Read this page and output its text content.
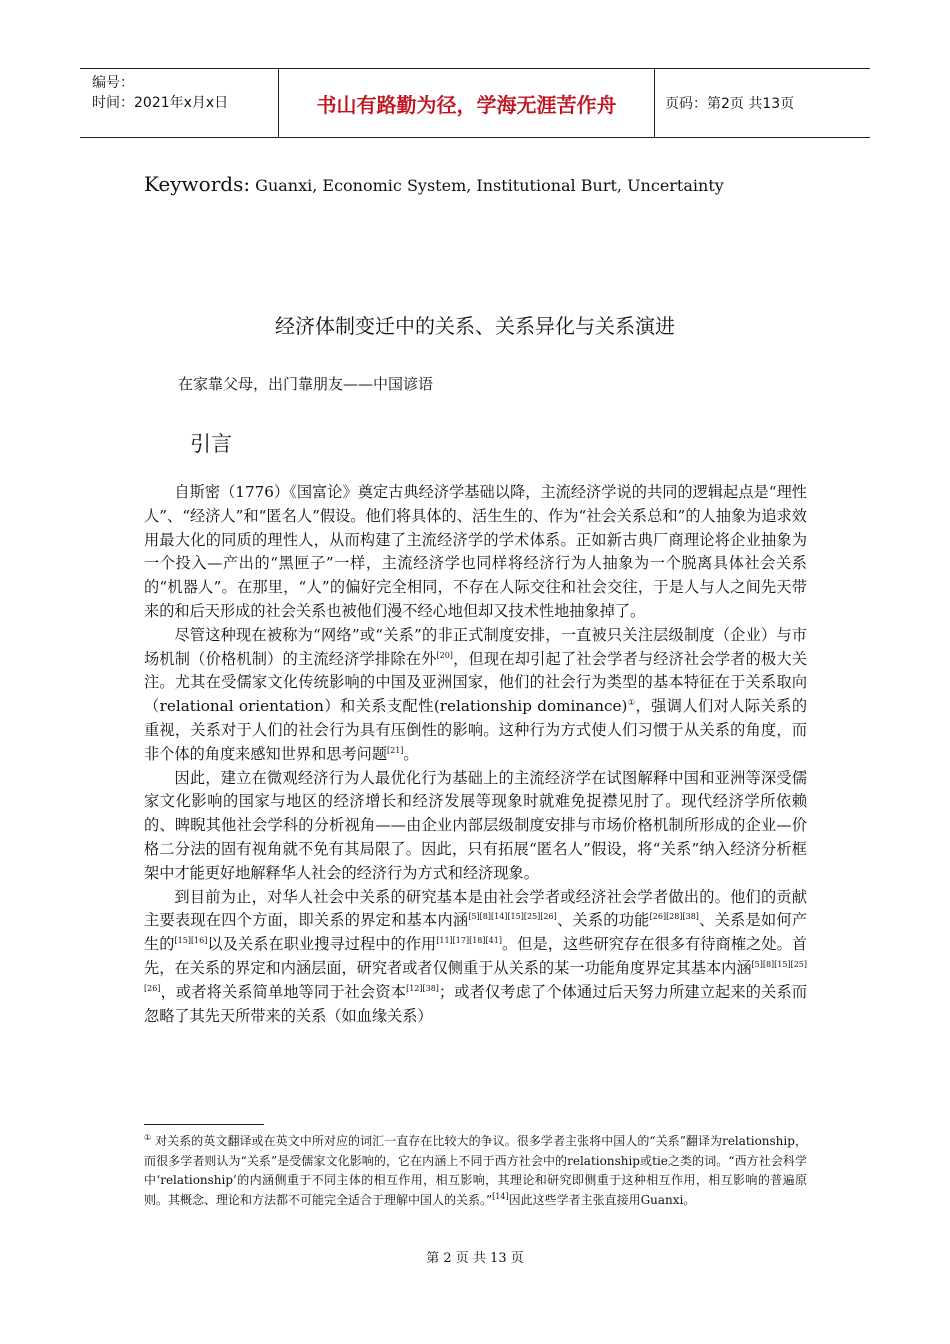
编号：
时间：2021年x月x日	书山有路勤为径，学海无涯苦作舟	页码：第2页 共13页
Keywords: Guanxi, Economic System, Institutional Burt, Uncertainty
经济体制变迁中的关系、关系异化与关系演进
在家靠父母，出门靠朋友——中国谚语
引言

自斯密（1776）《国富论》奠定古典经济学基础以降，主流经济学说的共同的逻辑起点是“理性人”、“经济人”和“匿名人”假设。他们将具体的、活生生的、作为“社会关系总和”的人抽象为追求效用最大化的同质的理性人，从而构建了主流经济学的学术体系。正如新古典厂商理论将企业抽象为一个投入—产出的“黑匣子”一样，主流经济学也同样将经济行为人抽象为一个脱离具体社会关系的“机器人”。在那里，“人”的偏好完全相同，不存在人际交往和社会交往，于是人与人之间先天带来的和后天形成的社会关系也被他们漫不经心地但却又技术性地抽象掉了。

尽管这种现在被称为“网络”或“关系”的非正式制度安排，一直被只关注层级制度（企业）与市场机制（价格机制）的主流经济学排除在外[20]，但现在却引起了社会学者与经济社会学者的极大关注。尤其在受儒家文化传统影响的中国及亚洲国家，他们的社会行为类型的基本特征在于关系取向（relational orientation）和关系支配性(relationship dominance)①，强调人们对人际关系的重视，关系对于人们的社会行为具有压倒性的影响。这种行为方式使人们习惯于从关系的角度，而非个体的角度来感知世界和思考问题[21]。

因此，建立在微观经济行为人最优化行为基础上的主流经济学在试图解释中国和亚洲等深受儒家文化影响的国家与地区的经济增长和经济发展等现象时就难免捉襟见肘了。现代经济学所依赖的、睥睨其他社会学科的分析视角——由企业内部层级制度安排与市场价格机制所形成的企业—价格二分法的固有视角就不免有其局限了。因此，只有拓展“匿名人”假设，将“关系”纳入经济分析框架中才能更好地解释华人社会的经济行为方式和经济现象。

到目前为止，对华人社会中关系的研究基本是由社会学者或经济社会学者做出的。他们的贡献主要表现在四个方面，即关系的界定和基本内涵[5][8][14][15][25][26]、关系的功能[26][28][38]、关系是如何产生的[15][16]以及关系在职业搜寻过程中的作用[11][17][18][41]。但是，这些研究存在很多有待商榷之处。首先，在关系的界定和内涵层面，研究者或者仅侧重于从关系的某一功能角度界定其基本内涵[5][8][15][25][26]，或者将关系简单地等同于社会资本[12][38]；或者仅考虑了个体通过后天努力所建立起来的关系而忽略了其先天所带来的关系（如血缘关系）

① 对关系的英文翻译或在英文中所对应的词汇一直存在比较大的争议。很多学者主张将中国人的“关系”翻译为relationship，而很多学者则认为“关系”是受儒家文化影响的，它在内涵上不同于西方社会中的relationship或tie之类的词。“西方社会科学中‘relationship’的内涵侧重于不同主体的相互作用，相互影响，其理论和研究即侧重于这种相互作用，相互影响的普遍原则。其概念、理论和方法都不可能完全适合于理解中国人的关系。”[14]因此这些学者主张直接用Guanxi。
第 2 页 共 13 页
